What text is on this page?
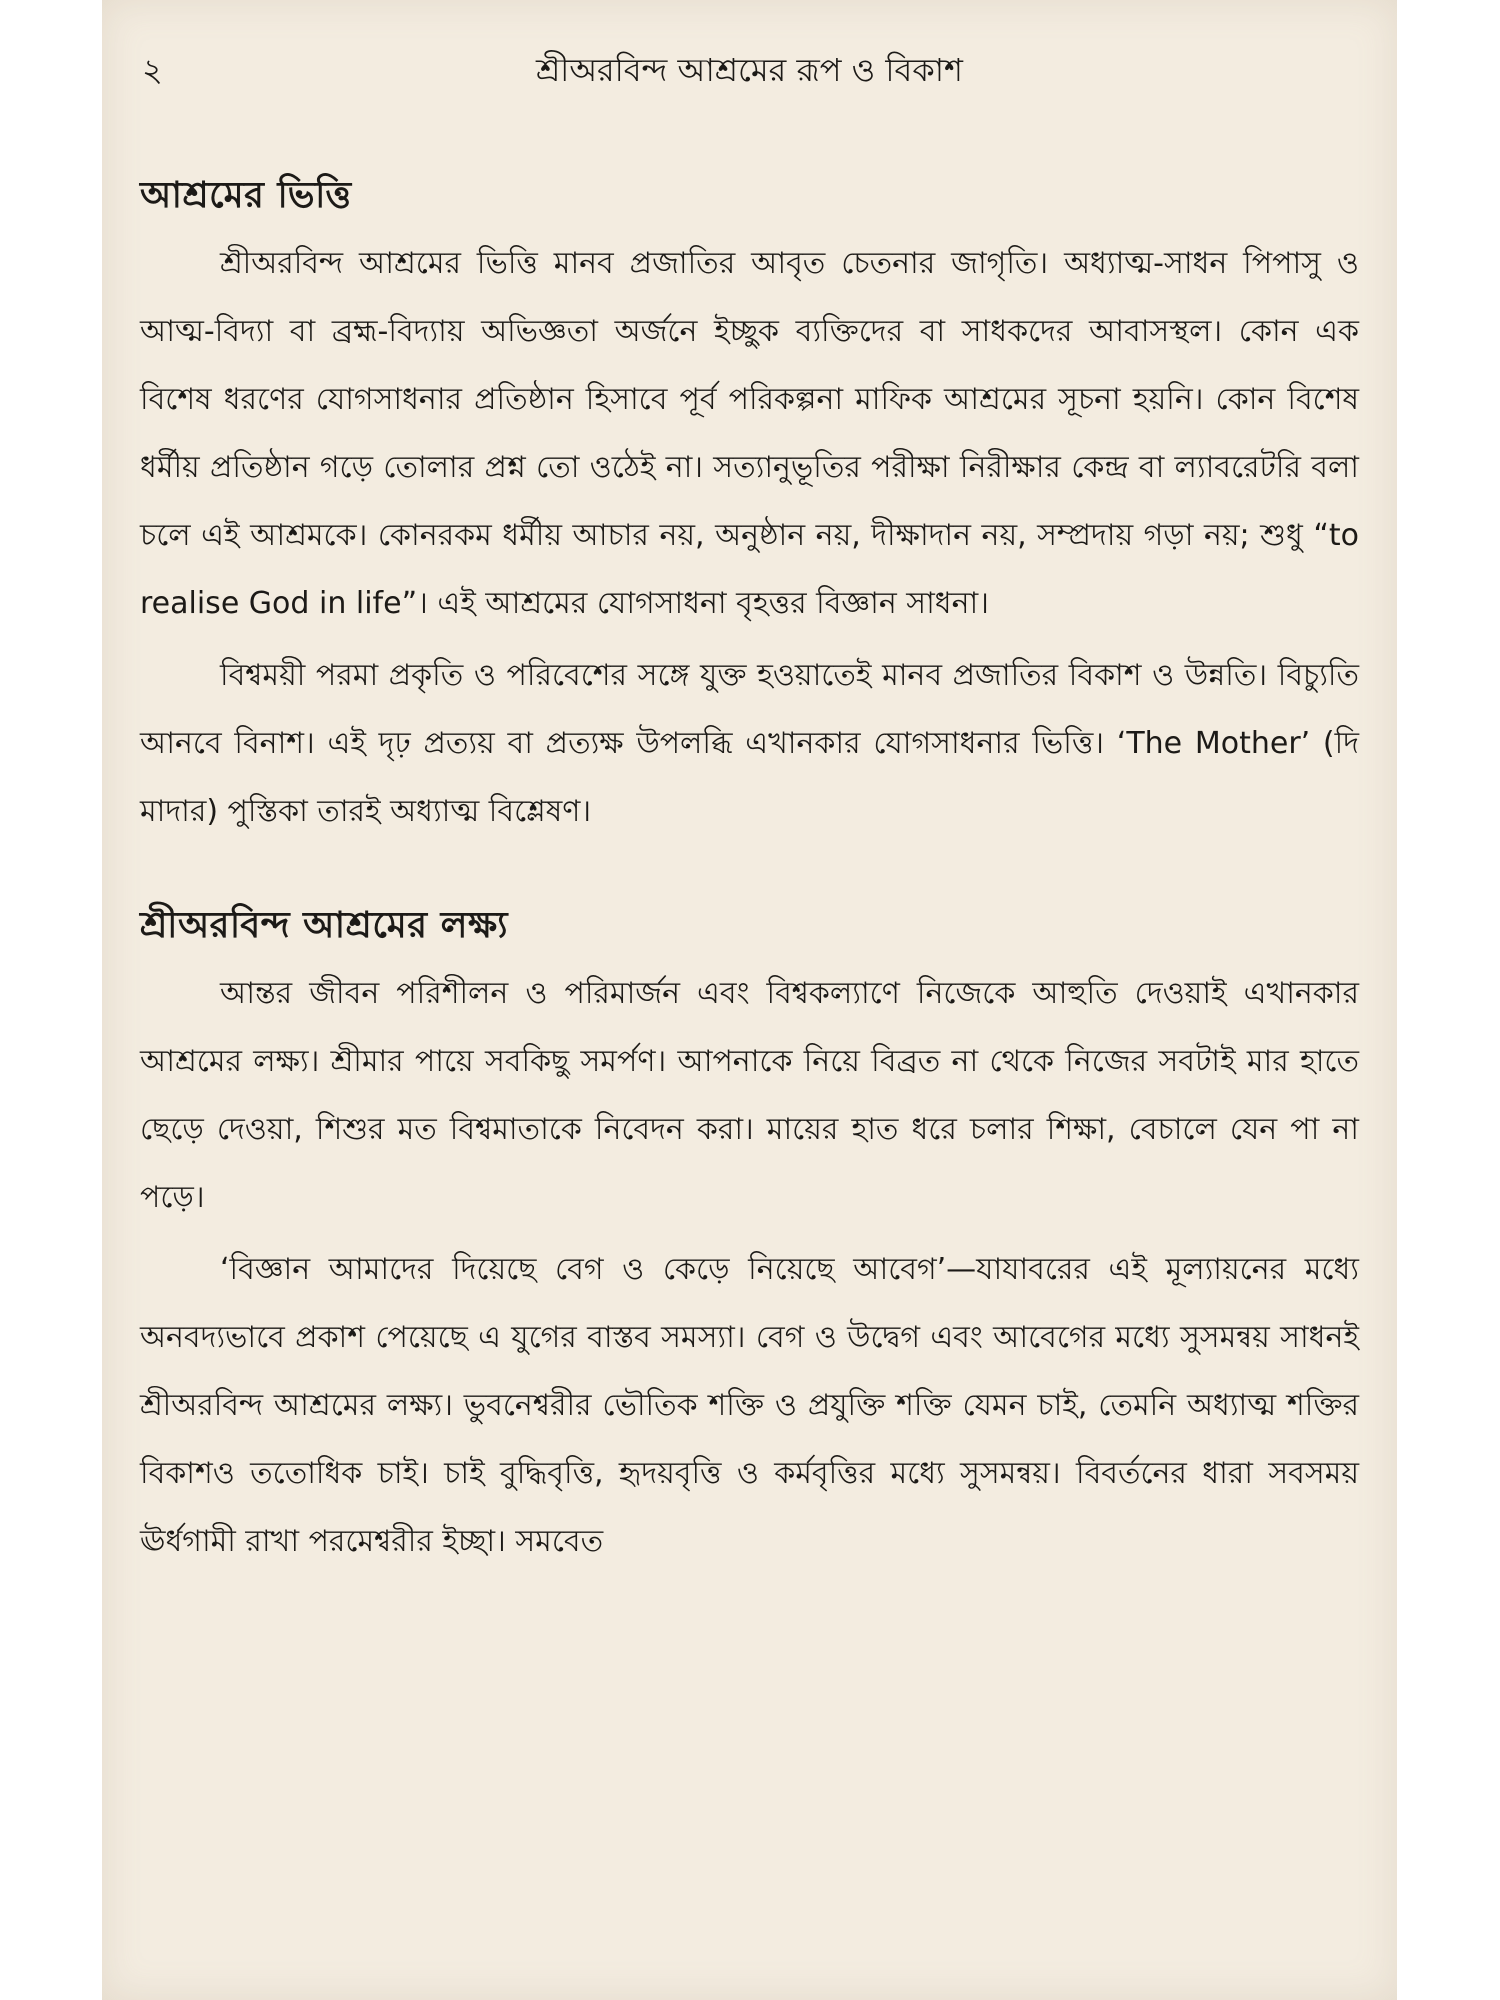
২	শ্রীঅরবিন্দ আশ্রমের রূপ ও বিকাশ
আশ্রমের ভিত্তি

শ্রীঅরবিন্দ আশ্রমের ভিত্তি মানব প্রজাতির আবৃত চেতনার জাগৃতি। অধ্যাত্ম-সাধন পিপাসু ও আত্ম-বিদ্যা বা ব্রহ্ম-বিদ্যায় অভিজ্ঞতা অর্জনে ইচ্ছুক ব্যক্তিদের বা সাধকদের আবাসস্থল। কোন এক বিশেষ ধরণের যোগসাধনার প্রতিষ্ঠান হিসাবে পূর্ব পরিকল্পনা মাফিক আশ্রমের সূচনা হয়নি। কোন বিশেষ ধর্মীয় প্রতিষ্ঠান গড়ে তোলার প্রশ্ন তো ওঠেই না। সত্যানুভূতির পরীক্ষা নিরীক্ষার কেন্দ্র বা ল্যাবরেটরি বলা চলে এই আশ্রমকে। কোনরকম ধর্মীয় আচার নয়, অনুষ্ঠান নয়, দীক্ষাদান নয়, সম্প্রদায় গড়া নয়; শুধু “to realise God in life”। এই আশ্রমের যোগসাধনা বৃহত্তর বিজ্ঞান সাধনা।

বিশ্বময়ী পরমা প্রকৃতি ও পরিবেশের সঙ্গে যুক্ত হওয়াতেই মানব প্রজাতির বিকাশ ও উন্নতি। বিচ্যুতি আনবে বিনাশ। এই দৃঢ় প্রত্যয় বা প্রত্যক্ষ উপলব্ধি এখানকার যোগসাধনার ভিত্তি। ‘The Mother’ (দি মাদার) পুস্তিকা তারই অধ্যাত্ম বিশ্লেষণ।

শ্রীঅরবিন্দ আশ্রমের লক্ষ্য

আন্তর জীবন পরিশীলন ও পরিমার্জন এবং বিশ্বকল্যাণে নিজেকে আহুতি দেওয়াই এখানকার আশ্রমের লক্ষ্য। শ্রীমার পায়ে সবকিছু সমর্পণ। আপনাকে নিয়ে বিব্রত না থেকে নিজের সবটাই মার হাতে ছেড়ে দেওয়া, শিশুর মত বিশ্বমাতাকে নিবেদন করা। মায়ের হাত ধরে চলার শিক্ষা, বেচালে যেন পা না পড়ে।

‘বিজ্ঞান আমাদের দিয়েছে বেগ ও কেড়ে নিয়েছে আবেগ’—যাযাবরের এই মূল্যায়নের মধ্যে অনবদ্যভাবে প্রকাশ পেয়েছে এ যুগের বাস্তব সমস্যা। বেগ ও উদ্বেগ এবং আবেগের মধ্যে সুসমন্বয় সাধনই শ্রীঅরবিন্দ আশ্রমের লক্ষ্য। ভুবনেশ্বরীর ভৌতিক শক্তি ও প্রযুক্তি শক্তি যেমন চাই, তেমনি অধ্যাত্ম শক্তির বিকাশও ততোধিক চাই। চাই বুদ্ধিবৃত্তি, হৃদয়বৃত্তি ও কর্মবৃত্তির মধ্যে সুসমন্বয়। বিবর্তনের ধারা সবসময় ঊর্ধগামী রাখা পরমেশ্বরীর ইচ্ছা। সমবেত
